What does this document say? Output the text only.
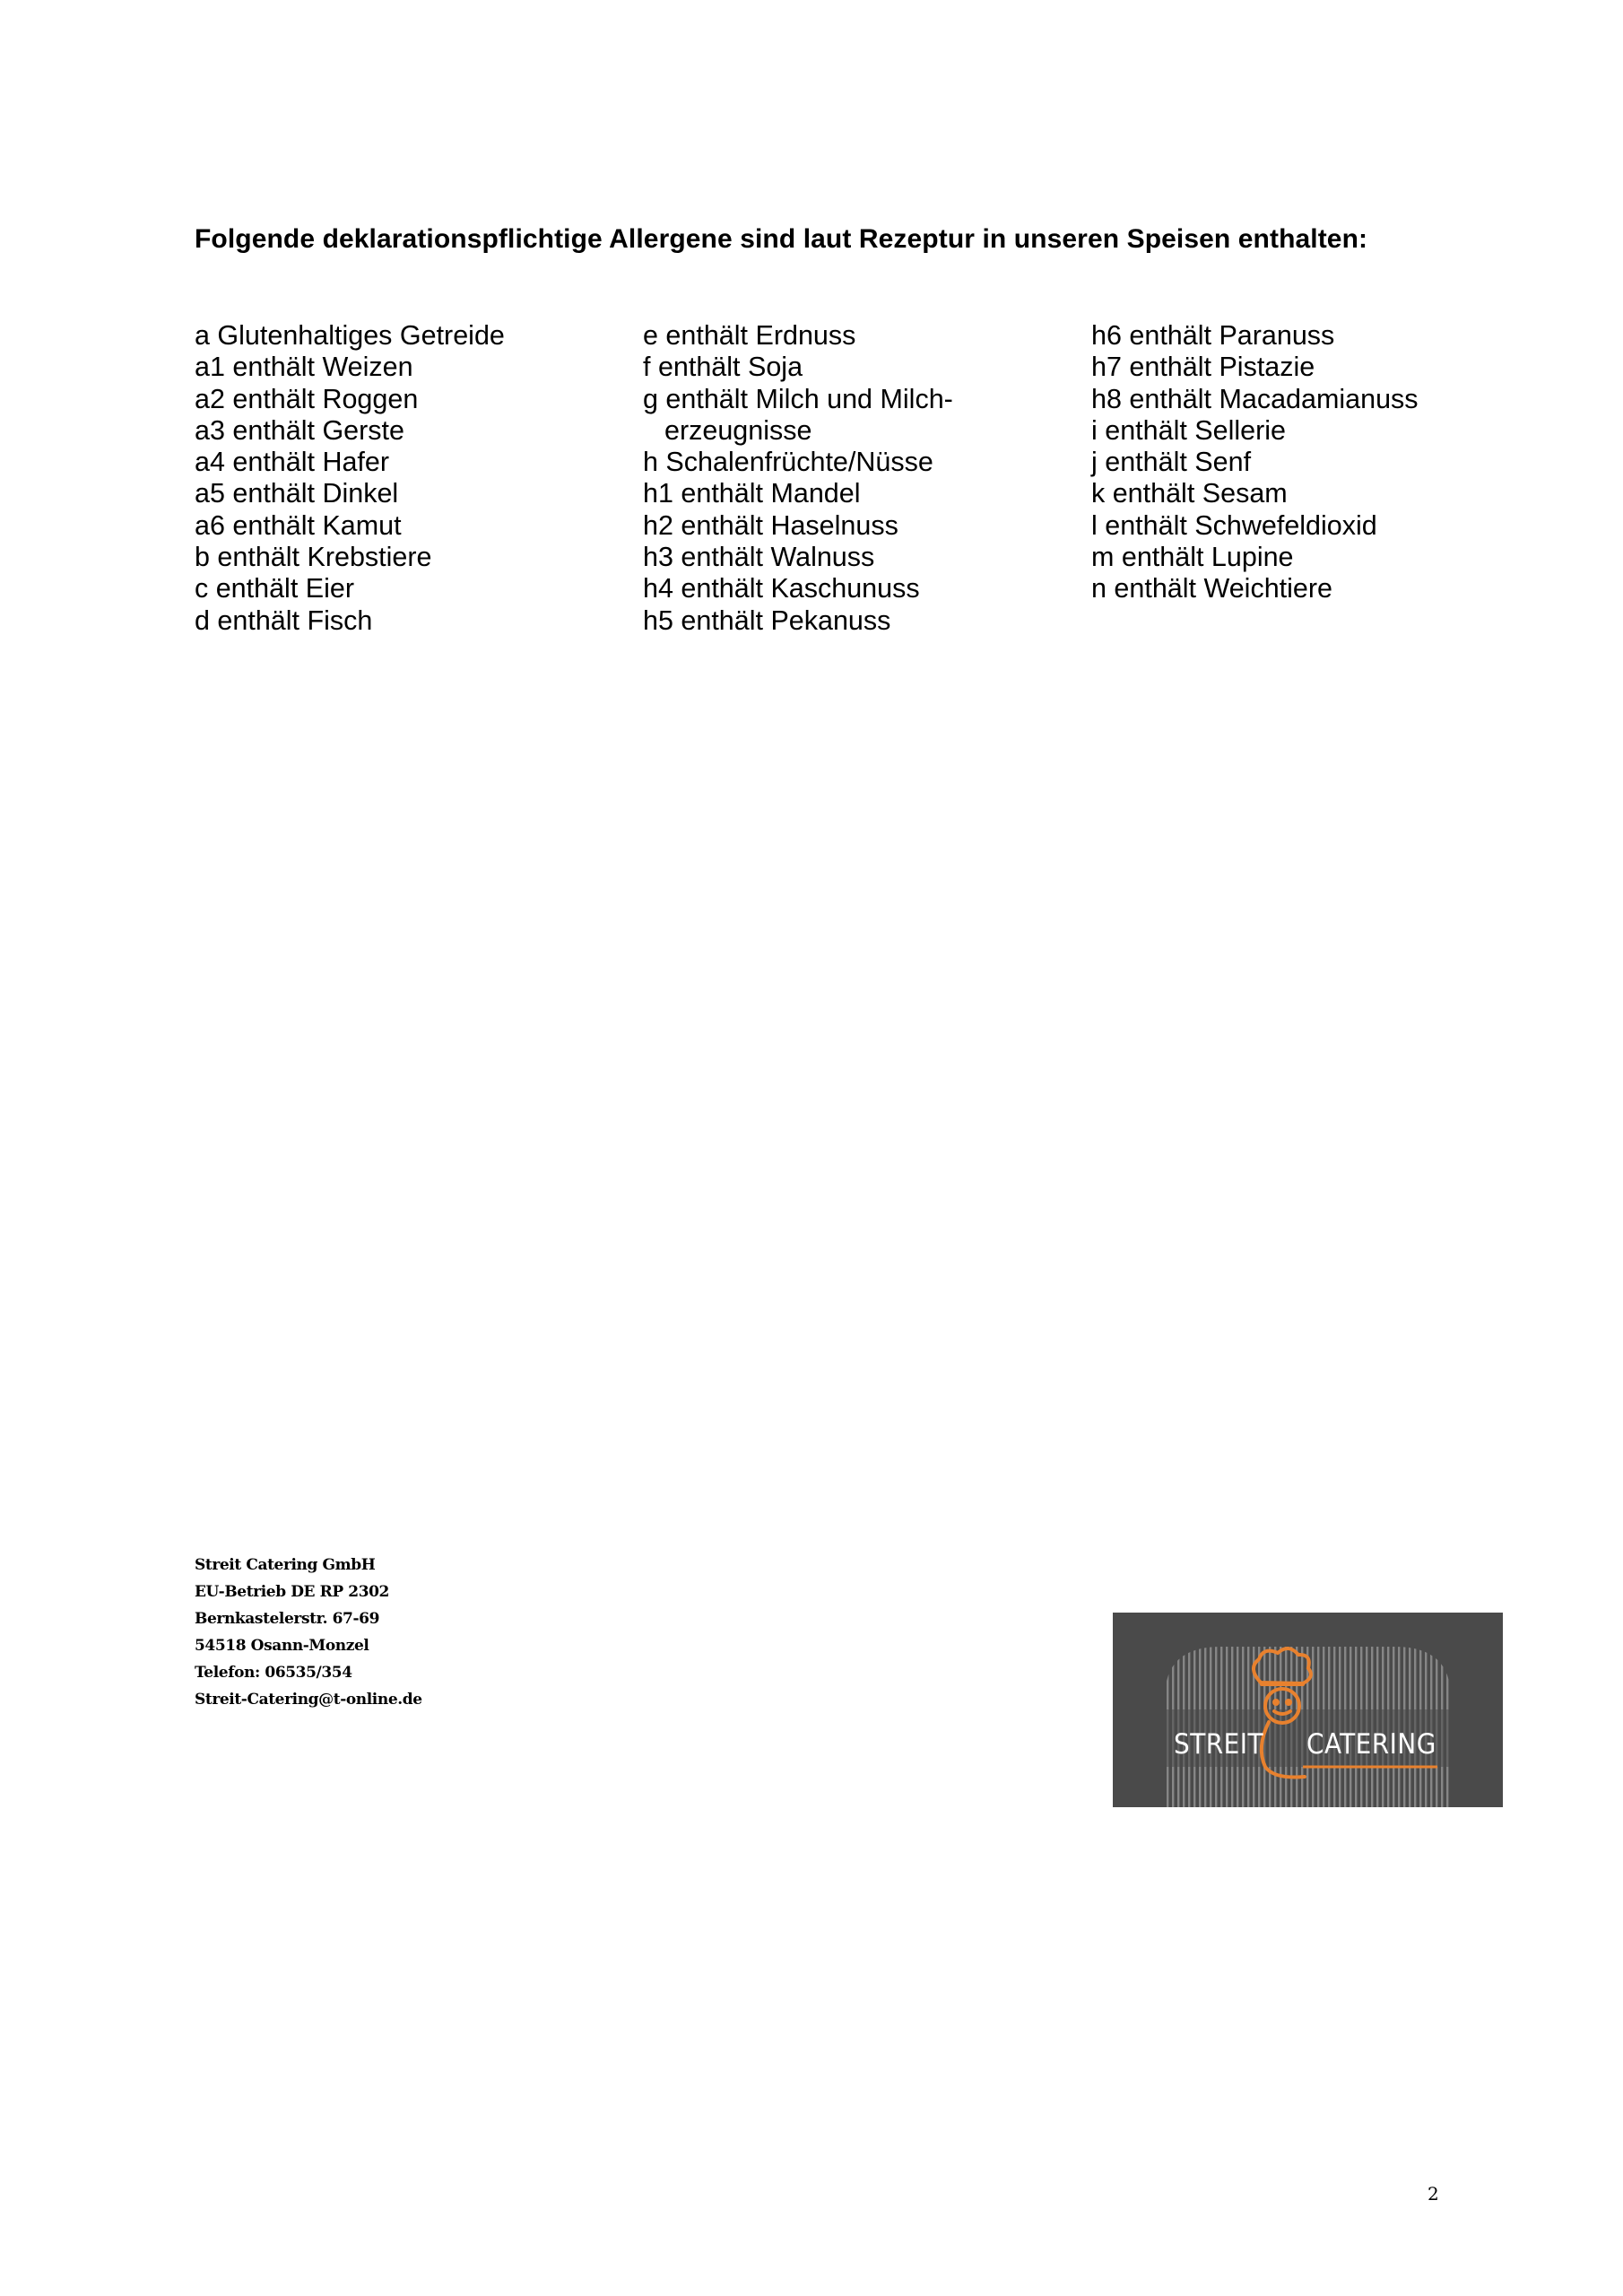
Folgende deklarationspflichtige Allergene sind laut Rezeptur in unseren Speisen enthalten:
a Glutenhaltiges Getreide
a1 enthält Weizen
a2 enthält Roggen
a3 enthält Gerste
a4 enthält Hafer
a5 enthält Dinkel
a6 enthält Kamut
b enthält Krebstiere
c enthält Eier
d enthält Fisch
e enthält Erdnuss
f enthält Soja
g enthält Milch und Milch-
erzeugnisse
h Schalenfrüchte/Nüsse
h1 enthält Mandel
h2 enthält Haselnuss
h3 enthält Walnuss
h4 enthält Kaschunuss
h5 enthält Pekanuss
h6 enthält Paranuss
h7 enthält Pistazie
h8 enthält Macadamianuss
i enthält Sellerie
j enthält Senf
k enthält Sesam
l enthält Schwefeldioxid
m enthält Lupine
n enthält Weichtiere
Streit Catering GmbH
EU-Betrieb DE RP 2302
Bernkastelerstr. 67-69
54518 Osann-Monzel
Telefon: 06535/354
Streit-Catering@t-online.de
STREIT CATERING
2
